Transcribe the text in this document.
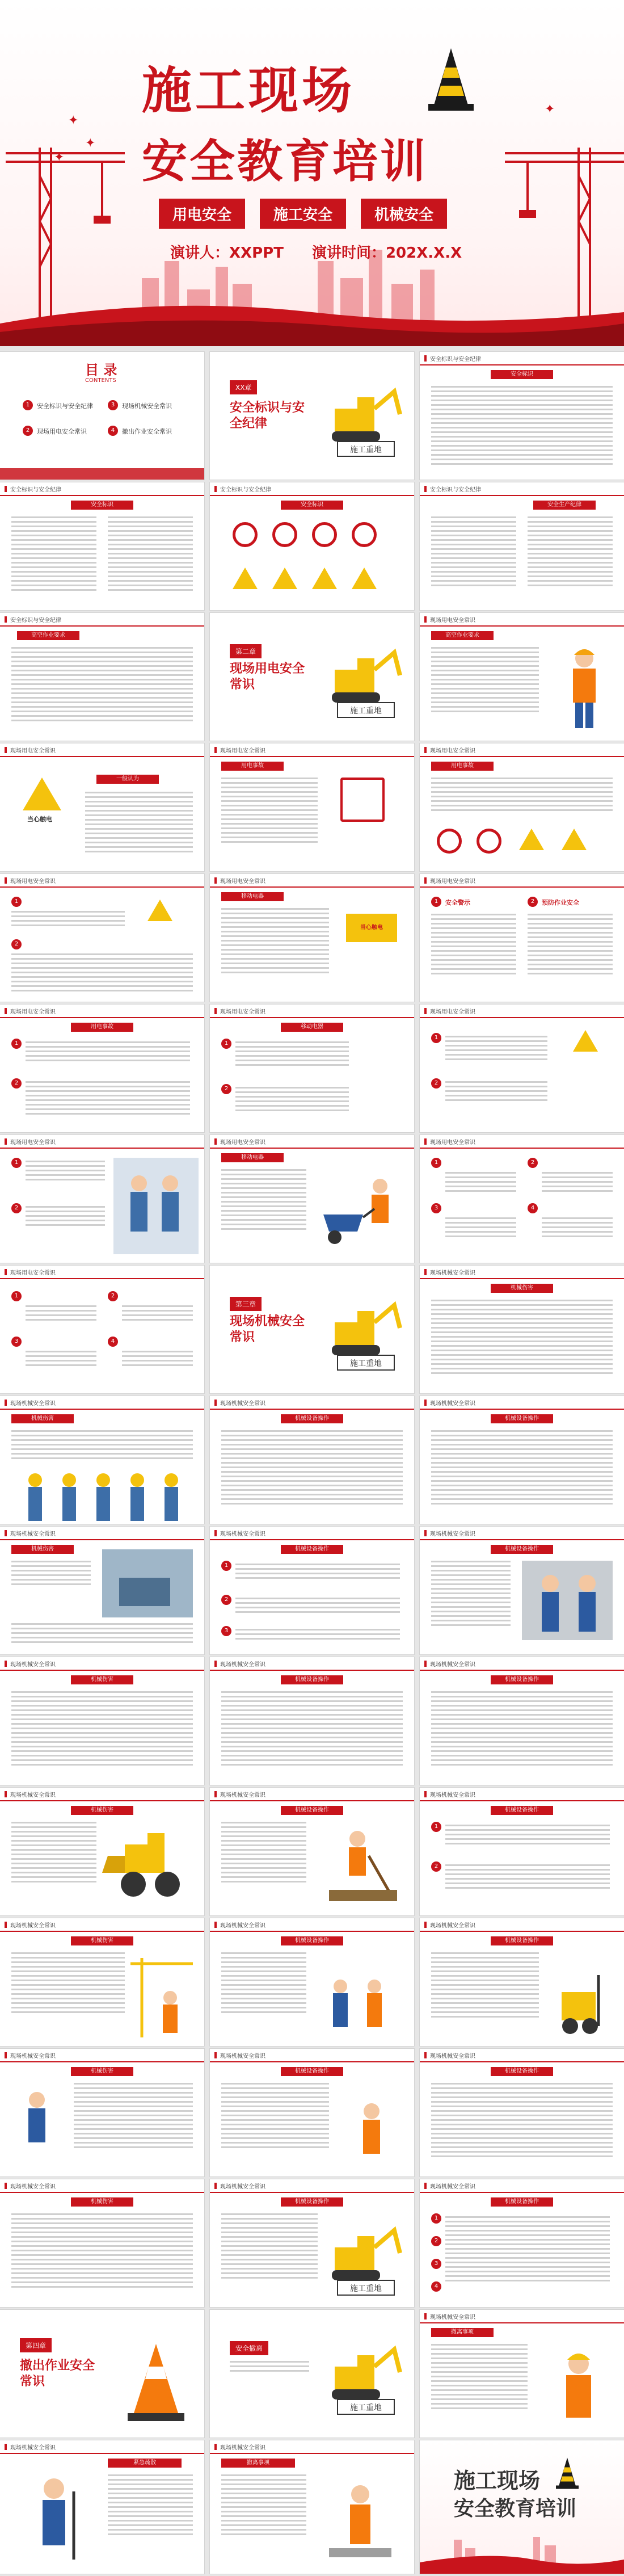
✦
✦
✦
✦
施工现场
安全教育培训
用电安全	施工安全	机械安全
演讲人：XXPPT 演讲时间：202X.X.X
目 录
CONTENTS
1	安全标识与安全纪律	3	现场机械安全常识
2	现场用电安全常识	4	撤出作业安全常识
XX章
安全标识与安全纪律
施工重地
安全标识与安全纪律
安全标识
安全标识与安全纪律
安全标识
安全标识与安全纪律
安全标识
安全标识与安全纪律
安全生产纪律
安全标识与安全纪律
高空作业要求
第二章
现场用电安全常识
施工重地
现场用电安全常识
高空作业要求
现场用电安全常识
当心触电
一般认为
现场用电安全常识
用电事故
现场用电安全常识
用电事故
现场用电安全常识
1
2
现场用电安全常识
移动电器
当心触电
现场用电安全常识
1	安全警示	2	预防作业安全
现场用电安全常识
用电事故
1
2
现场用电安全常识
移动电器
1
2
现场用电安全常识
1
2
现场用电安全常识
1
2
现场用电安全常识
移动电器
现场用电安全常识
1	2
3	4
现场用电安全常识
1	2
3	4
第三章
现场机械安全常识
施工重地
现场机械安全常识
机械伤害
现场机械安全常识
机械伤害
现场机械安全常识
机械设备操作
现场机械安全常识
机械设备操作
现场机械安全常识
机械伤害
现场机械安全常识
机械设备操作
1
2
3
现场机械安全常识
机械设备操作
现场机械安全常识
机械伤害
现场机械安全常识
机械设备操作
现场机械安全常识
机械设备操作
现场机械安全常识
机械伤害
现场机械安全常识
机械设备操作
现场机械安全常识
机械设备操作
1
2
现场机械安全常识
机械伤害
现场机械安全常识
机械设备操作
现场机械安全常识
机械设备操作
现场机械安全常识
机械伤害
现场机械安全常识
机械设备操作
现场机械安全常识
机械设备操作
现场机械安全常识
机械伤害
现场机械安全常识
机械设备操作
施工重地
现场机械安全常识
机械设备操作
1
2
3
4
第四章
撤出作业安全常识
安全撤离
施工重地
现场机械安全常识
撤离事项
现场机械安全常识
紧急疏散
现场机械安全常识
撤离事项
施工现场
安全教育培训
